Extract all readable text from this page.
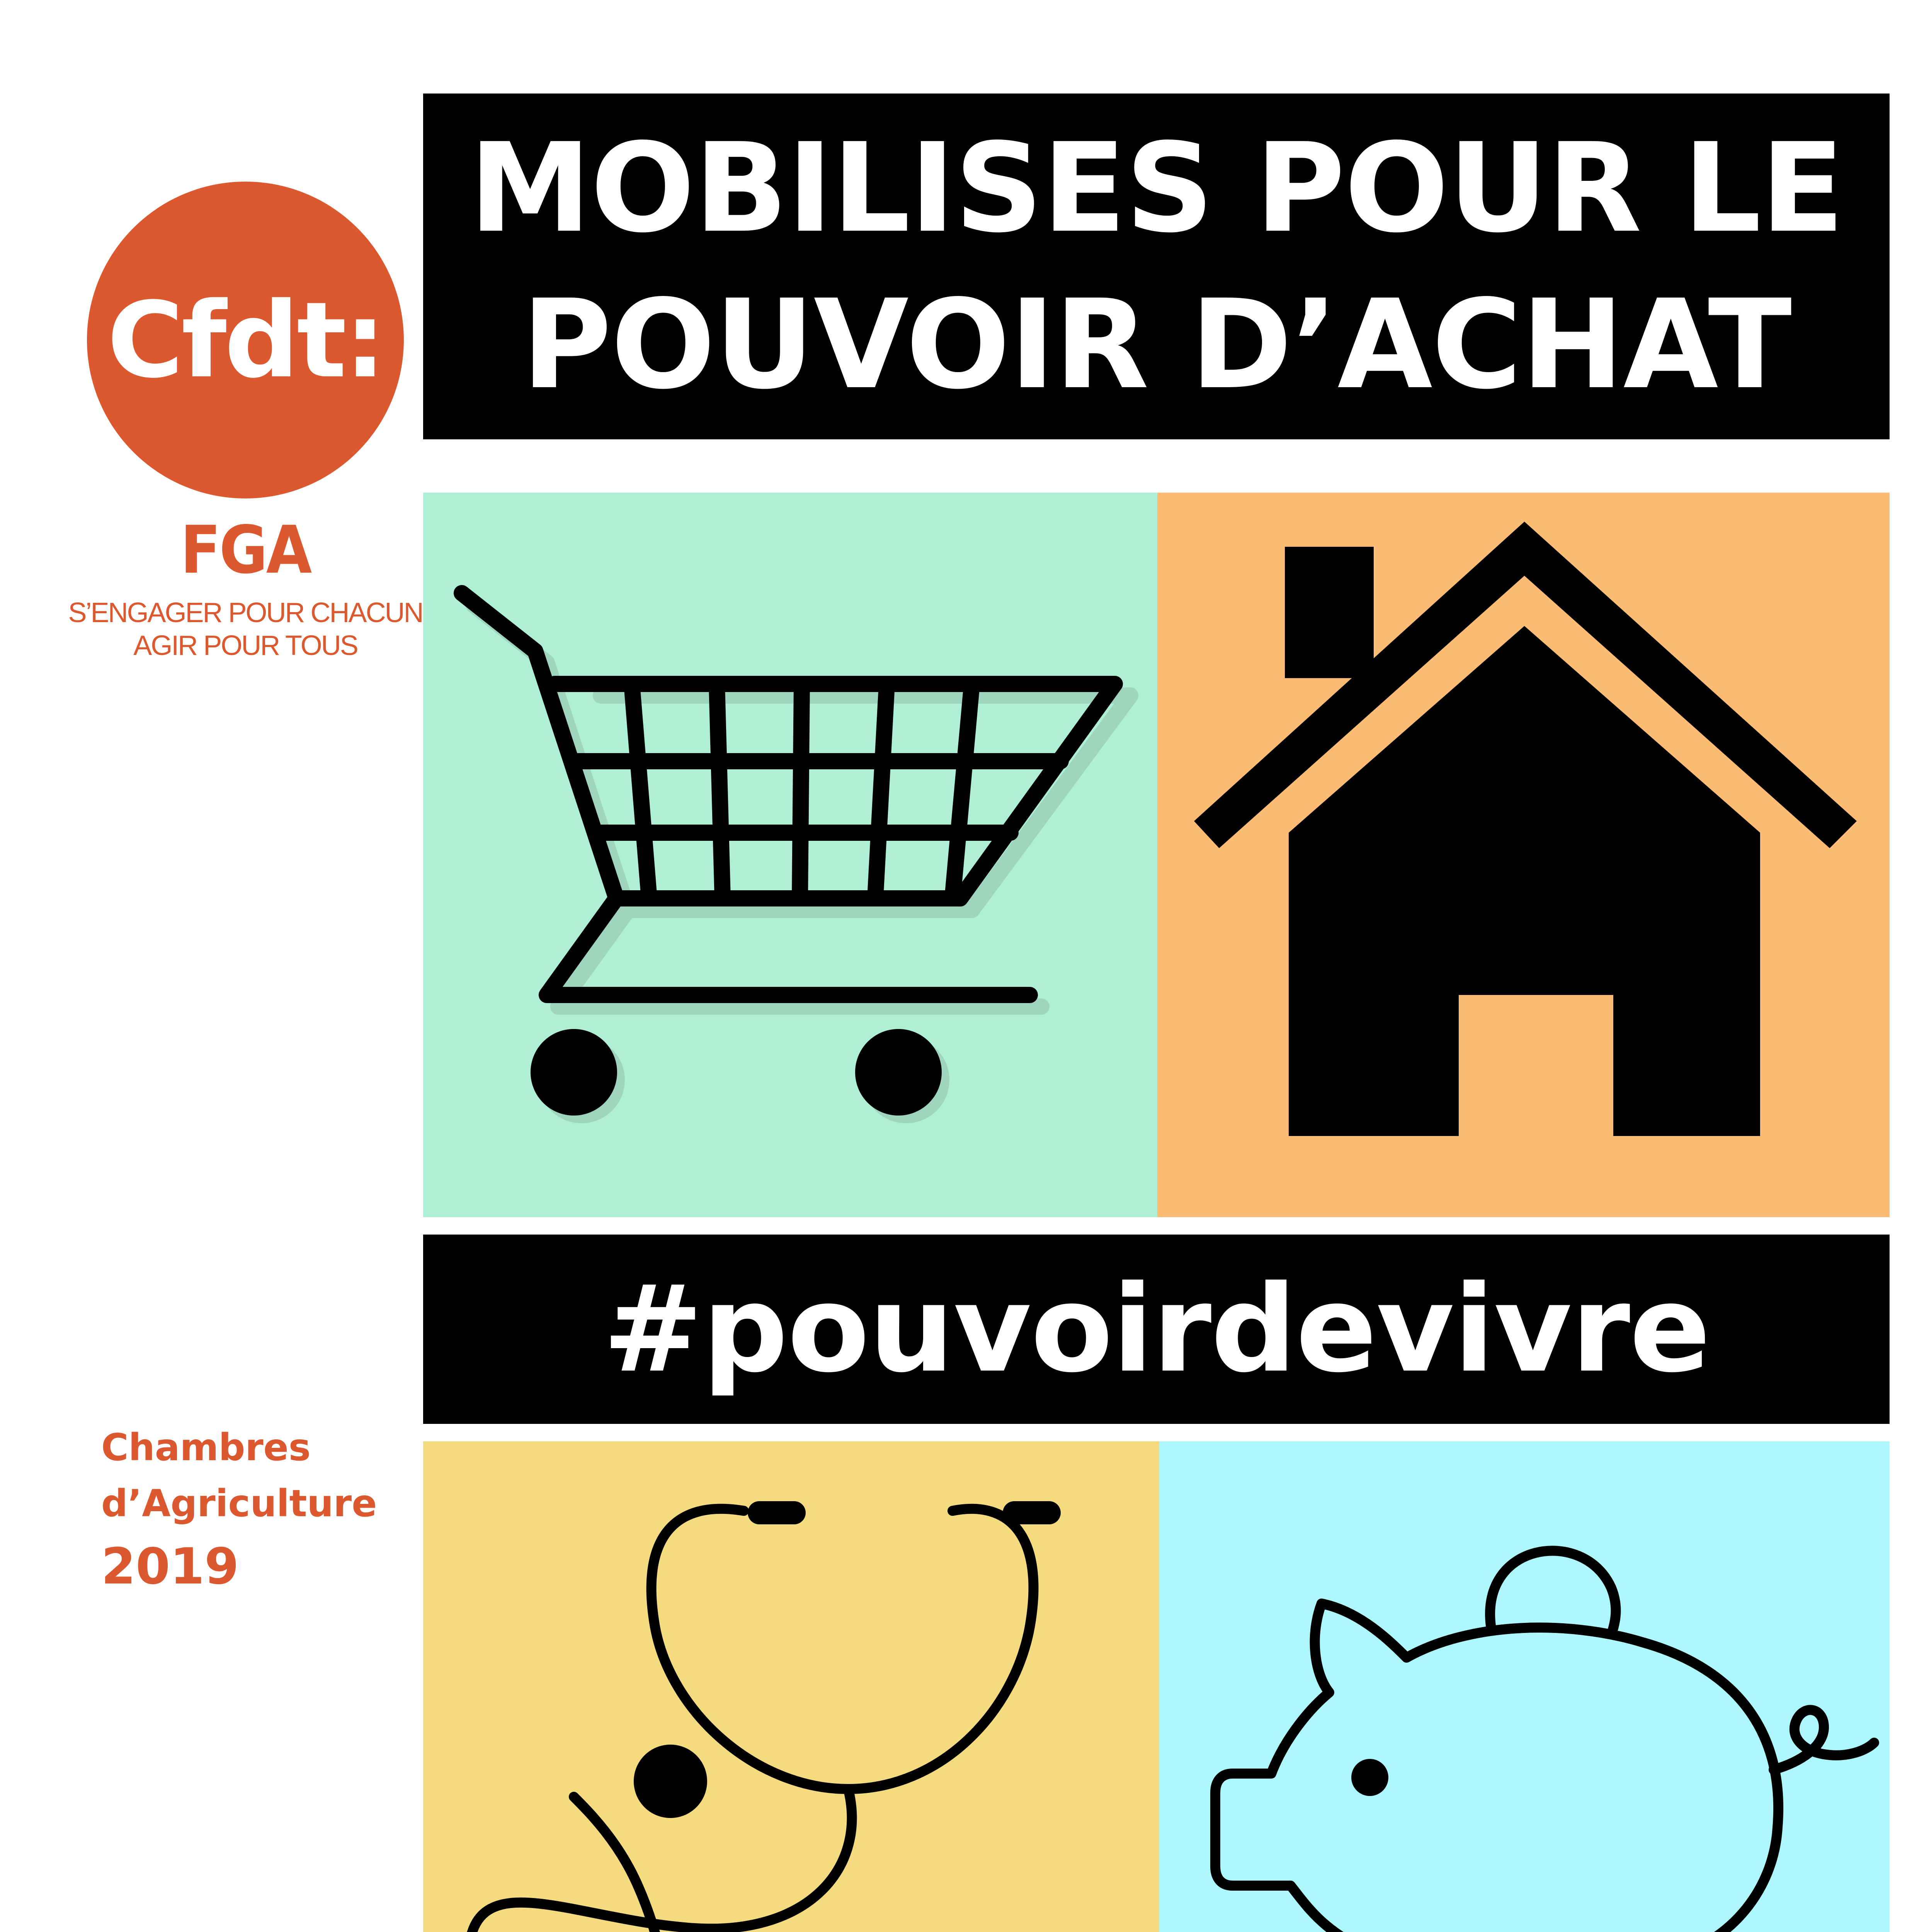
Cfdt:
FGA
S’ENGAGER POUR CHACUN
AGIR POUR TOUS
MOBILISES POUR LE
POUVOIR D’ACHAT
#pouvoirdevivre
Chambres
d’Agriculture
2019
